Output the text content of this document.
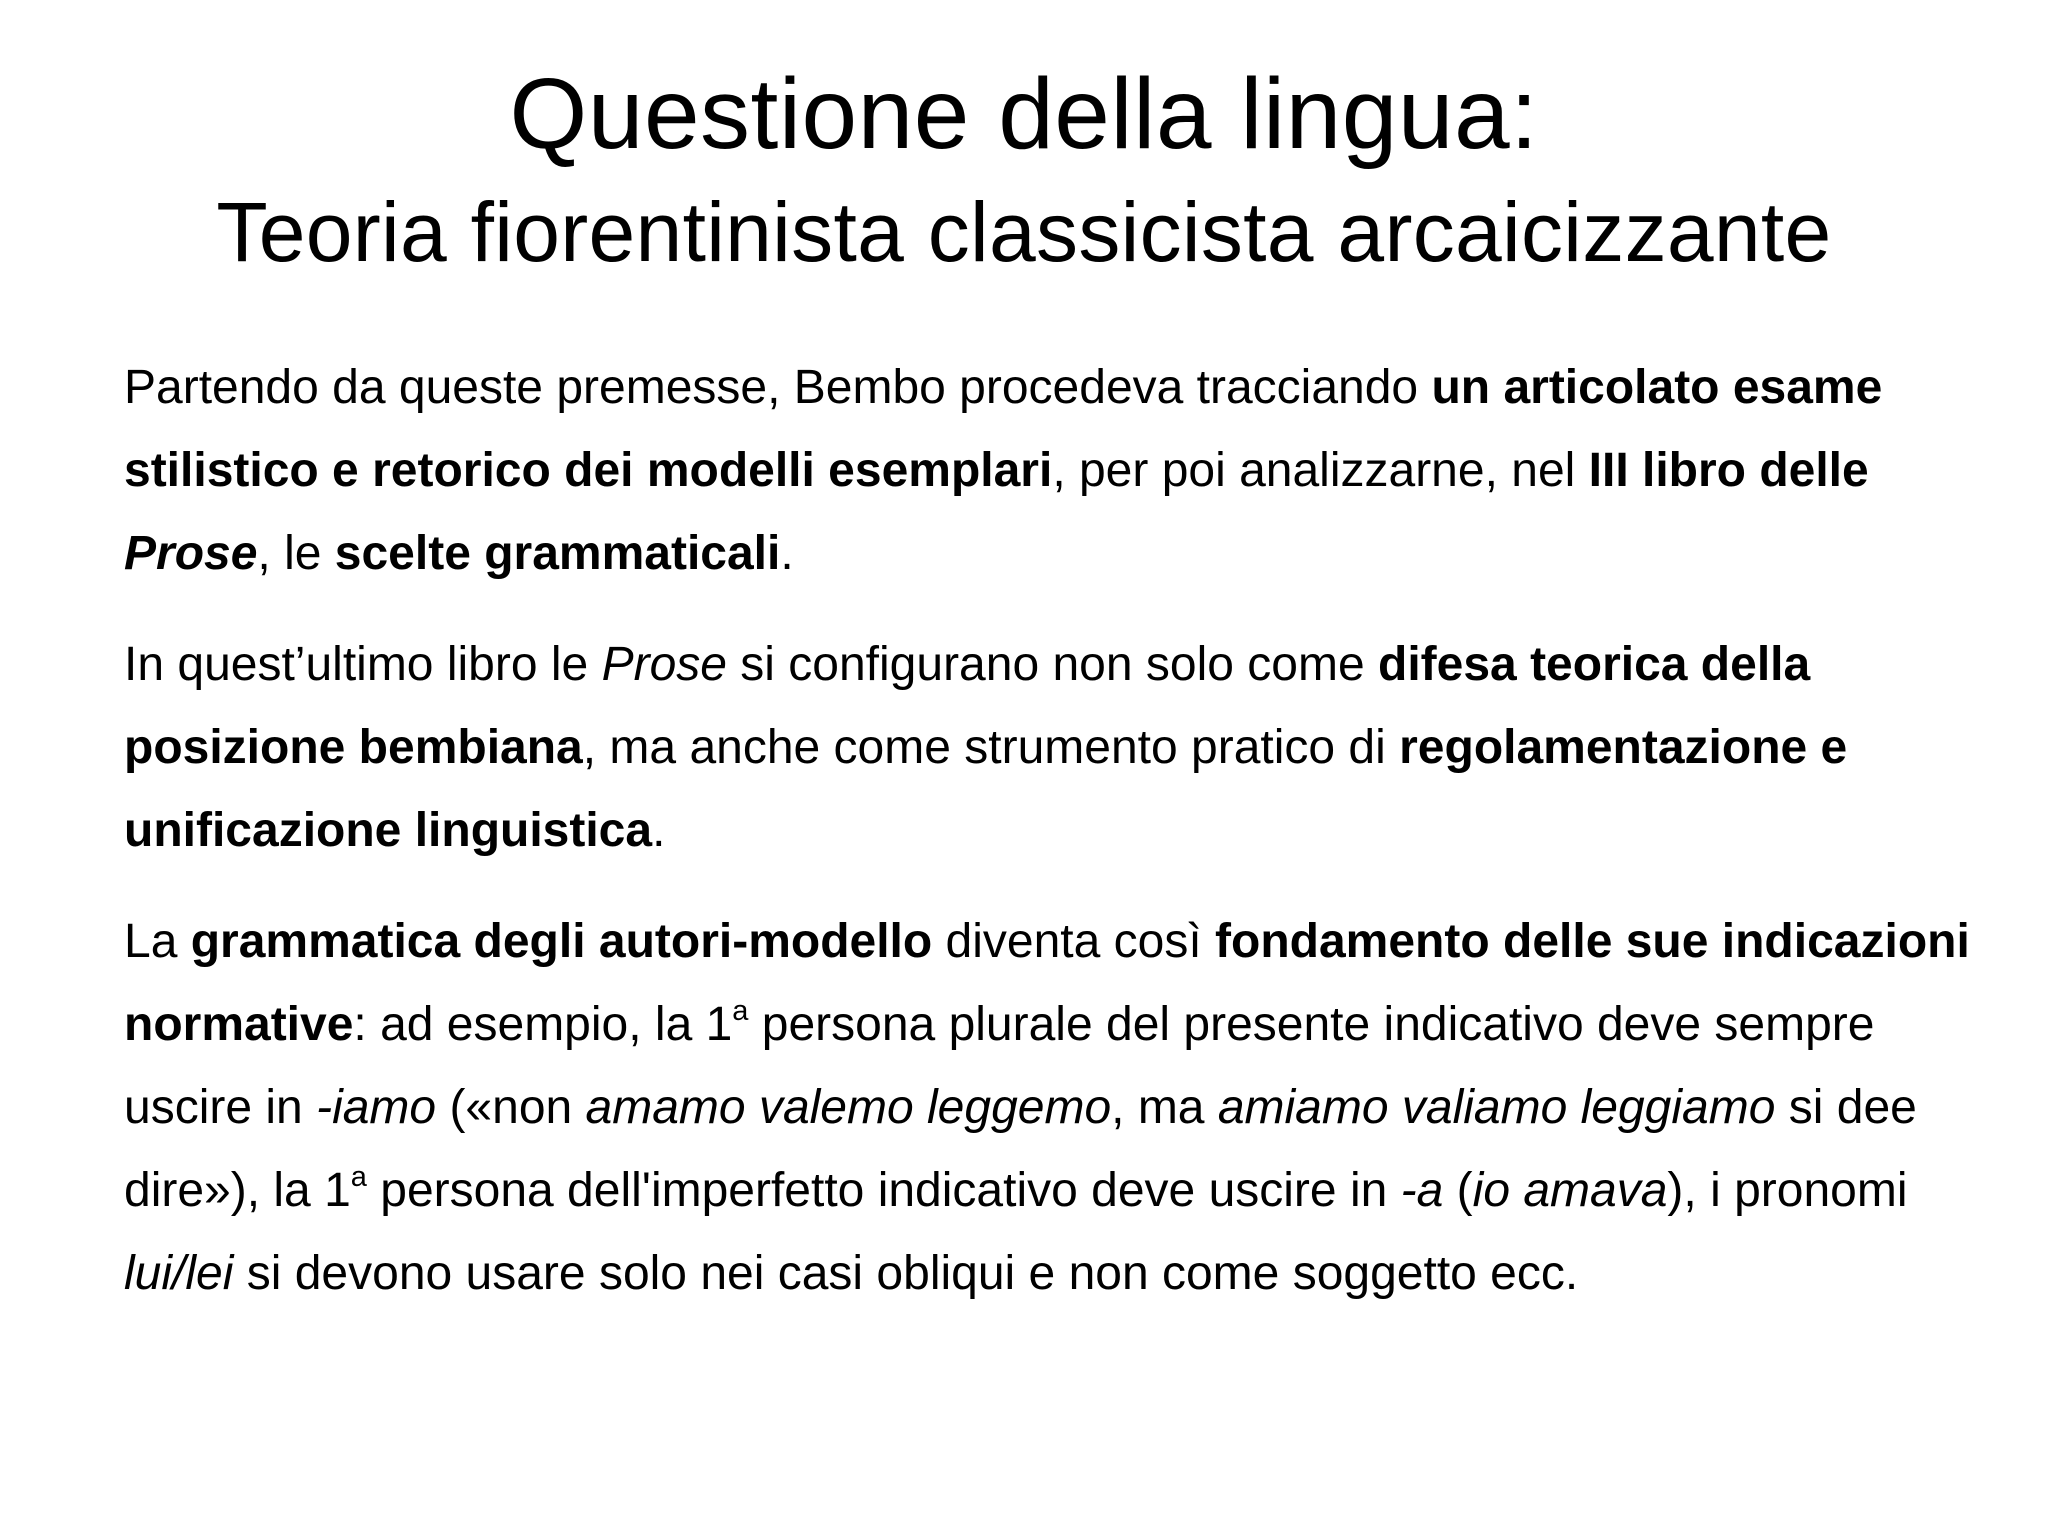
Questione della lingua:
Teoria fiorentinista classicista arcaicizzante

Partendo da queste premesse, Bembo procedeva tracciando un articolato esame stilistico e retorico dei modelli esemplari, per poi analizzarne, nel III libro delle Prose, le scelte grammaticali.

In quest’ultimo libro le Prose si configurano non solo come difesa teorica della posizione bembiana, ma anche come strumento pratico di regolamentazione e unificazione linguistica.

La grammatica degli autori-modello diventa così fondamento delle sue indicazioni normative: ad esempio, la 1$^a$ persona plurale del presente indicativo deve sempre uscire in -iamo («non amamo valemo leggemo, ma amiamo valiamo leggiamo si dee dire»), la 1$^a$ persona dell'imperfetto indicativo deve uscire in -a (io amava), i pronomi lui/lei si devono usare solo nei casi obliqui e non come soggetto ecc.
